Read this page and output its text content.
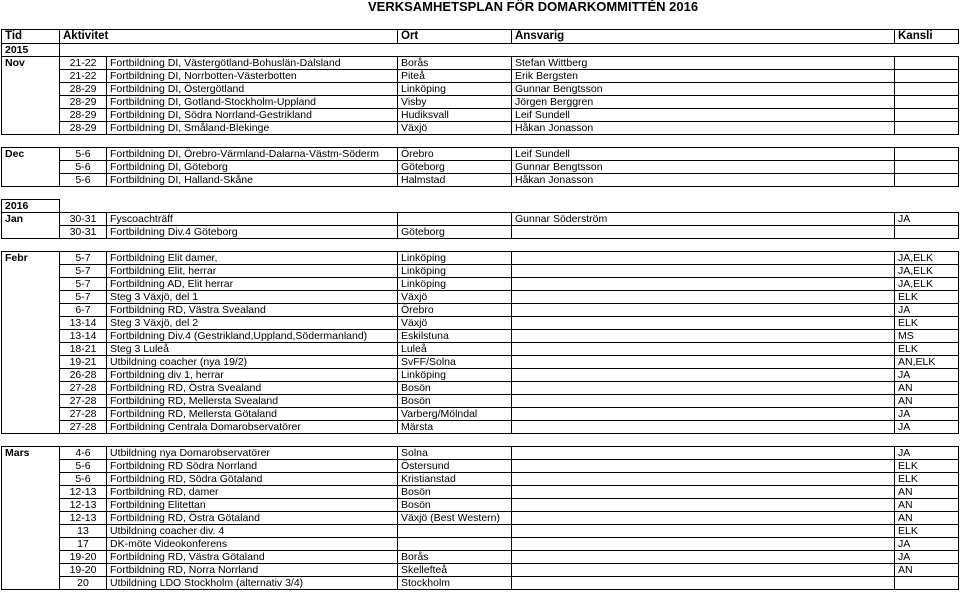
VERKSAMHETSPLAN FÖR DOMARKOMMITTÉN 2016
Tid	Aktivitet		Ort	Ansvarig	Kansli
2015					
Nov	21-22	Fortbildning DI, Västergötland-Bohuslän-Dalsland	Borås	Stefan Wittberg	
	21-22	Fortbildning DI, Norrbotten-Västerbotten	Piteå	Erik Bergsten	
	28-29	Fortbildning DI, Östergötland	Linköping	Gunnar Bengtsson	
	28-29	Fortbildning DI, Gotland-Stockholm-Uppland	Visby	Jörgen Berggren	
	28-29	Fortbildning DI, Södra Norrland-Gestrikland	Hudiksvall	Leif Sundell	
	28-29	Fortbildning DI, Småland-Blekinge	Växjö	Håkan Jonasson	

Dec	5-6	Fortbildning DI, Örebro-Värmland-Dalarna-Västm-Söderm	Örebro	Leif Sundell	
	5-6	Fortbildning DI, Göteborg	Göteborg	Gunnar Bengtsson	
	5-6	Fortbildning DI, Halland-Skåne	Halmstad	Håkan Jonasson	

2016					
Jan	30-31	Fyscoachträff		Gunnar Söderström	JA
	30-31	Fortbildning Div.4 Göteborg	Göteborg		

Febr	5-7	Fortbildning Elit damer,	Linköping		JA,ELK
	5-7	Fortbildning Elit, herrar	Linköping		JA,ELK
	5-7	Fortbildning AD, Elit herrar	Linköping		JA,ELK
	5-7	Steg 3 Växjö, del 1	Växjö		ELK
	6-7	Fortbildning RD, Västra Svealand	Örebro		JA
	13-14	Steg 3 Växjö, del 2	Växjö		ELK
	13-14	Fortbildning Div.4 (Gestrikland,Uppland,Södermanland)	Eskilstuna		MS
	18-21	Steg 3 Luleå	Luleå		ELK
	19-21	Utbildning coacher (nya 19/2)	SvFF/Solna		AN,ELK
	26-28	Fortbildning div 1, herrar	Linköping		JA
	27-28	Fortbildning RD, Östra Svealand	Bosön		AN
	27-28	Fortbildning RD, Mellersta Svealand	Bosön		AN
	27-28	Fortbildning RD, Mellersta Götaland	Varberg/Mölndal		JA
	27-28	Fortbildning Centrala Domarobservatörer	Märsta		JA

Mars	4-6	Utbildning nya Domarobservatörer	Solna		JA
	5-6	Fortbildning RD Södra Norrland	Östersund		ELK
	5-6	Fortbildning RD, Södra Götaland	Kristianstad		ELK
	12-13	Fortbildning RD, damer	Bosön		AN
	12-13	Fortbildning Elitettan	Bosön		AN
	12-13	Fortbildning RD, Östra Götaland	Växjö (Best Western)		AN
	13	Utbildning coacher div. 4			ELK
	17	DK-möte Videokonferens			JA
	19-20	Fortbildning RD, Västra Götaland	Borås		JA
	19-20	Fortbildning RD, Norra Norrland	Skellefteå		AN
	20	Utbildning LDO Stockholm (alternativ 3/4)	Stockholm		
